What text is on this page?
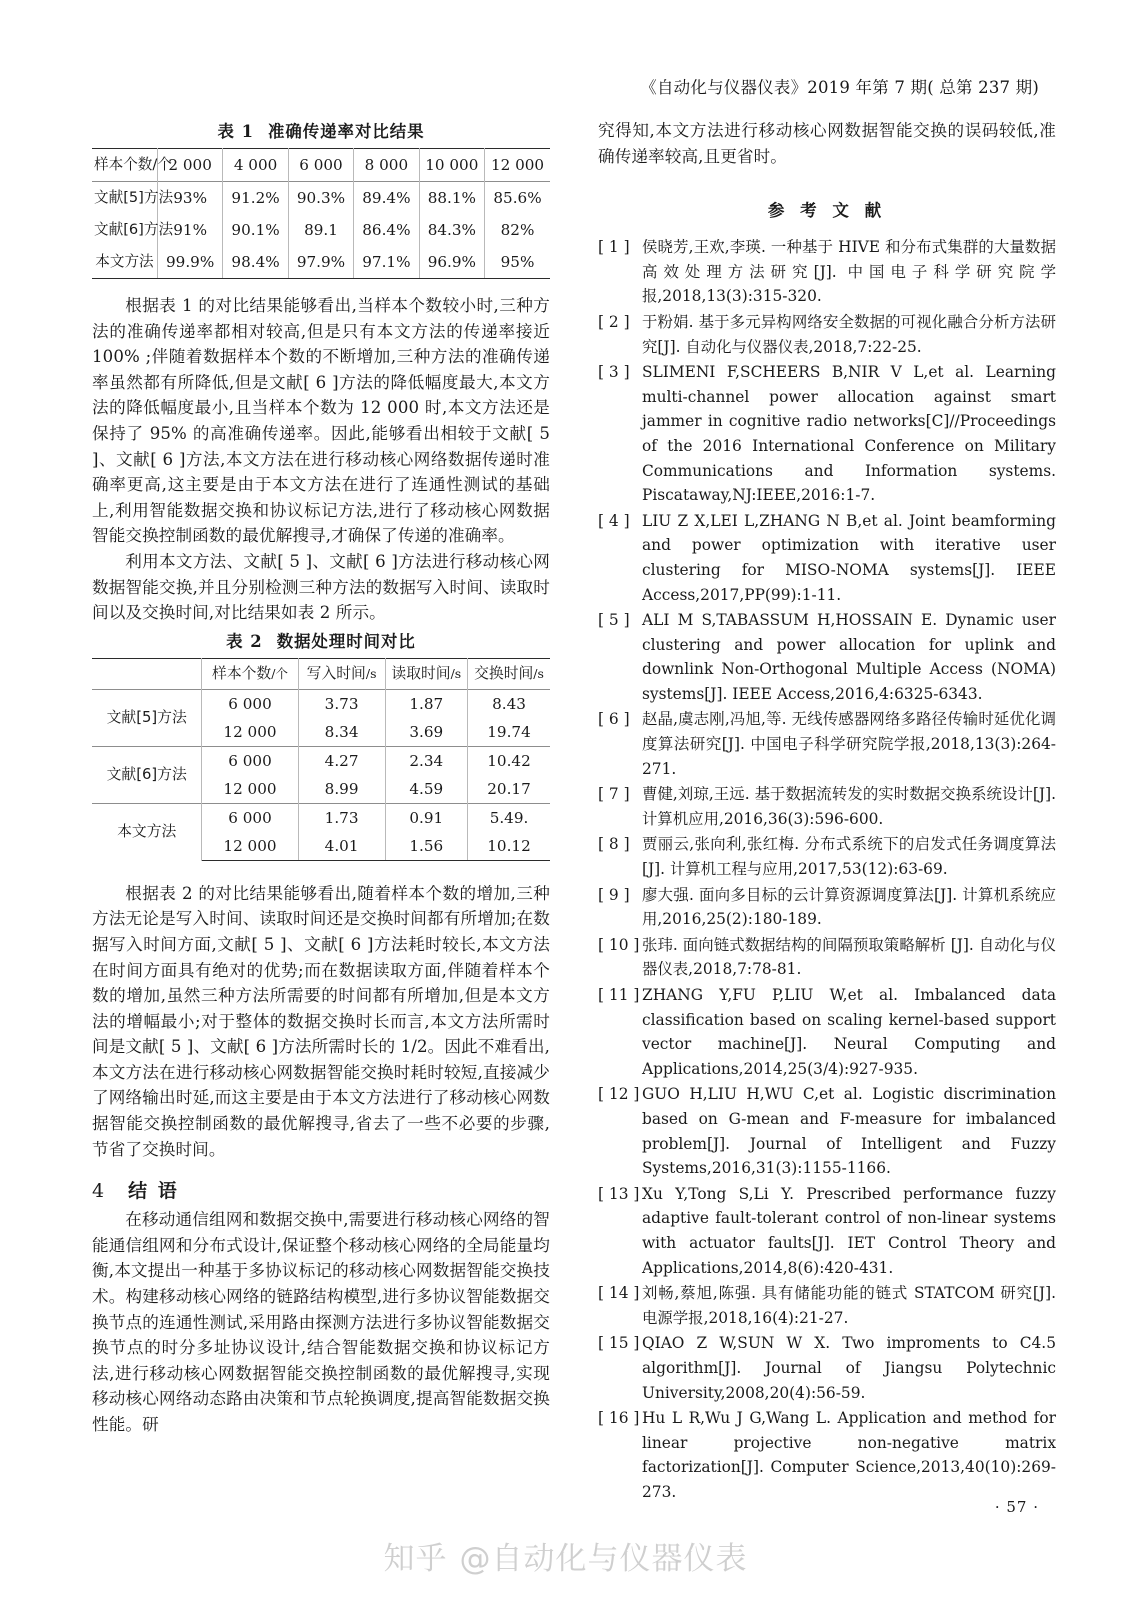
《自动化与仪器仪表》2019 年第 7 期( 总第 237 期)
表 1 准确传递率对比结果
样本个数/个	2 000	4 000	6 000	8 000	10 000	12 000
文献[5]方法	93%	91.2%	90.3%	89.4%	88.1%	85.6%
文献[6]方法	91%	90.1%	89.1	86.4%	84.3%	82%
本文方法	99.9%	98.4%	97.9%	97.1%	96.9%	95%

根据表 1 的对比结果能够看出,当样本个数较小时,三种方法的准确传递率都相对较高,但是只有本文方法的传递率接近 100% ;伴随着数据样本个数的不断增加,三种方法的准确传递率虽然都有所降低,但是文献[ 6 ]方法的降低幅度最大,本文方法的降低幅度最小,且当样本个数为 12 000 时,本文方法还是保持了 95% 的高准确传递率。因此,能够看出相较于文献[ 5 ]、文献[ 6 ]方法,本文方法在进行移动核心网络数据传递时准确率更高,这主要是由于本文方法在进行了连通性测试的基础上,利用智能数据交换和协议标记方法,进行了移动核心网数据智能交换控制函数的最优解搜寻,才确保了传递的准确率。

利用本文方法、文献[ 5 ]、文献[ 6 ]方法进行移动核心网数据智能交换,并且分别检测三种方法的数据写入时间、读取时间以及交换时间,对比结果如表 2 所示。

表 2 数据处理时间对比
	样本个数/个	写入时间/s	读取时间/s	交换时间/s
文献[5]方法	6 000	3.73	1.87	8.43
	12 000	8.34	3.69	19.74
文献[6]方法	6 000	4.27	2.34	10.42
	12 000	8.99	4.59	20.17
本文方法	6 000	1.73	0.91	5.49.
	12 000	4.01	1.56	10.12

根据表 2 的对比结果能够看出,随着样本个数的增加,三种方法无论是写入时间、读取时间还是交换时间都有所增加;在数据写入时间方面,文献[ 5 ]、文献[ 6 ]方法耗时较长,本文方法在时间方面具有绝对的优势;而在数据读取方面,伴随着样本个数的增加,虽然三种方法所需要的时间都有所增加,但是本文方法的增幅最小;对于整体的数据交换时长而言,本文方法所需时间是文献[ 5 ]、文献[ 6 ]方法所需时长的 1/2。因此不难看出,本文方法在进行移动核心网数据智能交换时耗时较短,直接减少了网络输出时延,而这主要是由于本文方法进行了移动核心网数据智能交换控制函数的最优解搜寻,省去了一些不必要的步骤,节省了交换时间。

4 结 语

在移动通信组网和数据交换中,需要进行移动核心网络的智能通信组网和分布式设计,保证整个移动核心网络的全局能量均衡,本文提出一种基于多协议标记的移动核心网数据智能交换技术。构建移动核心网络的链路结构模型,进行多协议智能数据交换节点的连通性测试,采用路由探测方法进行多协议智能数据交换节点的时分多址协议设计,结合智能数据交换和协议标记方法,进行移动核心网数据智能交换控制函数的最优解搜寻,实现移动核心网络动态路由决策和节点轮换调度,提高智能数据交换性能。研

究得知,本文方法进行移动核心网数据智能交换的误码较低,准确传递率较高,且更省时。

参 考 文 献
[ 1 ] 侯晓芳,王欢,李瑛. 一种基于 HIVE 和分布式集群的大量数据高效处理方法研究[J]. 中国电子科学研究院学报,2018,13(3):315-320.
[ 2 ] 于粉娟. 基于多元异构网络安全数据的可视化融合分析方法研究[J]. 自动化与仪器仪表,2018,7:22-25.
[ 3 ] SLIMENI F,SCHEERS B,NIR V L,et al. Learning multi-channel power allocation against smart jammer in cognitive radio networks[C]//Proceedings of the 2016 International Conference on Military Communications and Information systems. Piscataway,NJ:IEEE,2016:1-7.
[ 4 ] LIU Z X,LEI L,ZHANG N B,et al. Joint beamforming and power optimization with iterative user clustering for MISO-NOMA systems[J]. IEEE Access,2017,PP(99):1-11.
[ 5 ] ALI M S,TABASSUM H,HOSSAIN E. Dynamic user clustering and power allocation for uplink and downlink Non-Orthogonal Multiple Access (NOMA) systems[J]. IEEE Access,2016,4:6325-6343.
[ 6 ] 赵晶,虞志刚,冯旭,等. 无线传感器网络多路径传输时延优化调度算法研究[J]. 中国电子科学研究院学报,2018,13(3):264-271.
[ 7 ] 曹健,刘琼,王远. 基于数据流转发的实时数据交换系统设计[J]. 计算机应用,2016,36(3):596-600.
[ 8 ] 贾丽云,张向利,张红梅. 分布式系统下的启发式任务调度算法[J]. 计算机工程与应用,2017,53(12):63-69.
[ 9 ] 廖大强. 面向多目标的云计算资源调度算法[J]. 计算机系统应用,2016,25(2):180-189.
[ 10 ] 张玮. 面向链式数据结构的间隔预取策略解析 [J]. 自动化与仪器仪表,2018,7:78-81.
[ 11 ] ZHANG Y,FU P,LIU W,et al. Imbalanced data classification based on scaling kernel-based support vector machine[J]. Neural Computing and Applications,2014,25(3/4):927-935.
[ 12 ] GUO H,LIU H,WU C,et al. Logistic discrimination based on G-mean and F-measure for imbalanced problem[J]. Journal of Intelligent and Fuzzy Systems,2016,31(3):1155-1166.
[ 13 ] Xu Y,Tong S,Li Y. Prescribed performance fuzzy adaptive fault-tolerant control of non-linear systems with actuator faults[J]. IET Control Theory and Applications,2014,8(6):420-431.
[ 14 ] 刘畅,蔡旭,陈强. 具有储能功能的链式 STATCOM 研究[J]. 电源学报,2018,16(4):21-27.
[ 15 ] QIAO Z W,SUN W X. Two improments to C4.5 algorithm[J]. Journal of Jiangsu Polytechnic University,2008,20(4):56-59.
[ 16 ] Hu L R,Wu J G,Wang L. Application and method for linear projective non-negative matrix factorization[J]. Computer Science,2013,40(10):269-273.
· 57 ·
知乎 @自动化与仪器仪表
